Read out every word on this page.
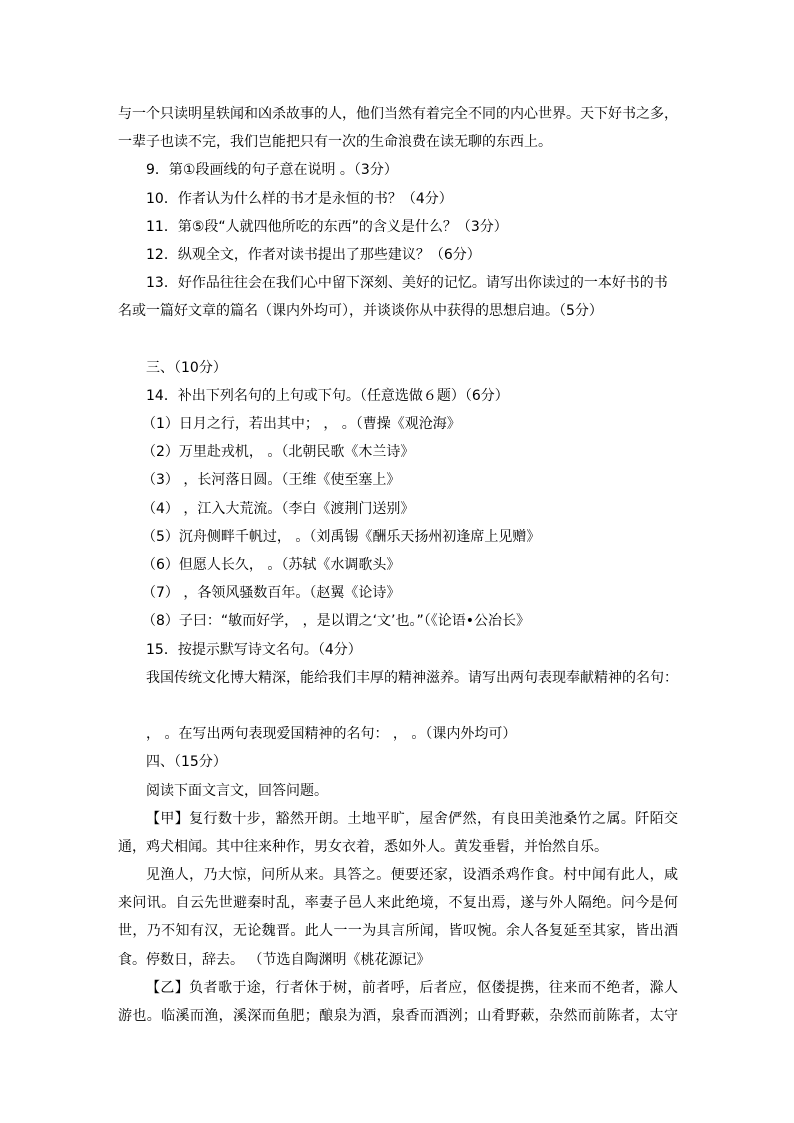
与一个只读明星轶闻和凶杀故事的人，他们当然有着完全不同的内心世界。天下好书之多，
一辈子也读不完，我们岂能把只有一次的生命浪费在读无聊的东西上。
9．第①段画线的句子意在说明 。（3分）
10．作者认为什么样的书才是永恒的书？（4分）
11．第⑤段“人就四他所吃的东西”的含义是什么？（3分）
12．纵观全文，作者对读书提出了那些建议？（6分）
13．好作品往往会在我们心中留下深刻、美好的记忆。请写出你读过的一本好书的书
名或一篇好文章的篇名（课内外均可），并谈谈你从中获得的思想启迪。（5分）
三、（10分）
14．补出下列名句的上句或下句。（任意选做６题）（6分）
（1）日月之行，若出其中； ， 。（曹操《观沧海》
（2）万里赴戎机， 。（北朝民歌《木兰诗》
（3） ，长河落日圆。（王维《使至塞上》
（4） ，江入大荒流。（李白《渡荆门送别》
（5）沉舟侧畔千帆过， 。（刘禹锡《酬乐天扬州初逢席上见赠》
（6）但愿人长久， 。（苏轼《水调歌头》
（7） ，各领风骚数百年。（赵翼《论诗》
（8）子曰：“敏而好学， ，是以谓之‘文’也。”（《论语•公冶长》
15．按提示默写诗文名句。（4分）
我国传统文化博大精深，能给我们丰厚的精神滋养。请写出两句表现奉献精神的名句：
， 。在写出两句表现爱国精神的名句： ， 。（课内外均可）
四、（15分）
阅读下面文言文，回答问题。
【甲】复行数十步，豁然开朗。土地平旷，屋舍俨然，有良田美池桑竹之属。阡陌交
通，鸡犬相闻。其中往来种作，男女衣着，悉如外人。黄发垂髫，并怡然自乐。
见渔人，乃大惊，问所从来。具答之。便要还家，设酒杀鸡作食。村中闻有此人，咸
来问讯。自云先世避秦时乱，率妻子邑人来此绝境，不复出焉，遂与外人隔绝。问今是何
世，乃不知有汉，无论魏晋。此人一一为具言所闻，皆叹惋。余人各复延至其家，皆出酒
食。停数日，辞去。 （节选自陶渊明《桃花源记》
【乙】负者歌于途，行者休于树，前者呼，后者应，伛偻提携，往来而不绝者，滁人
游也。临溪而渔，溪深而鱼肥；酿泉为酒，泉香而酒洌；山肴野蔌，杂然而前陈者，太守
